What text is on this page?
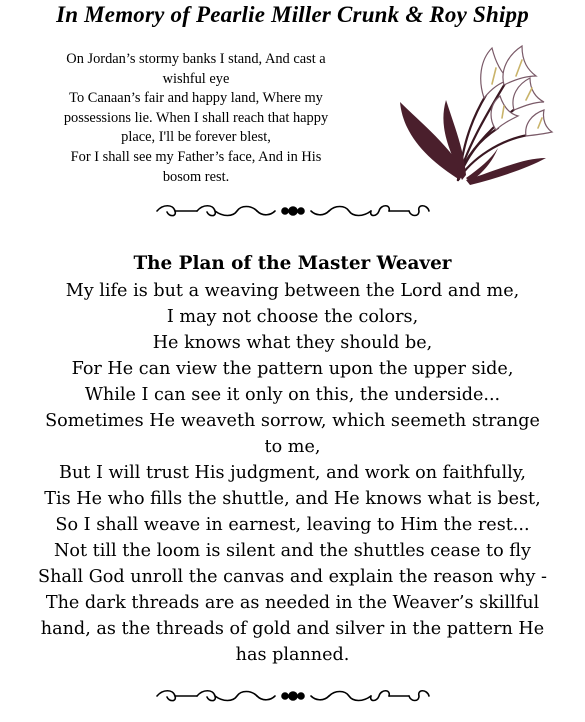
In Memory of Pearlie Miller Crunk & Roy Shipp
On Jordan’s stormy banks I stand, And cast a
wishful eye
To Canaan’s fair and happy land, Where my
possessions lie. When I shall reach that happy
place, I'll be forever blest,
For I shall see my Father’s face, And in His
bosom rest.
The Plan of the Master Weaver
My life is but a weaving between the Lord and me,
I may not choose the colors,
He knows what they should be,
For He can view the pattern upon the upper side,
While I can see it only on this, the underside...
Sometimes He weaveth sorrow, which seemeth strange
to me,
But I will trust His judgment, and work on faithfully,
Tis He who fills the shuttle, and He knows what is best,
So I shall weave in earnest, leaving to Him the rest...
Not till the loom is silent and the shuttles cease to fly
Shall God unroll the canvas and explain the reason why -
The dark threads are as needed in the Weaver’s skillful
hand, as the threads of gold and silver in the pattern He
has planned.
